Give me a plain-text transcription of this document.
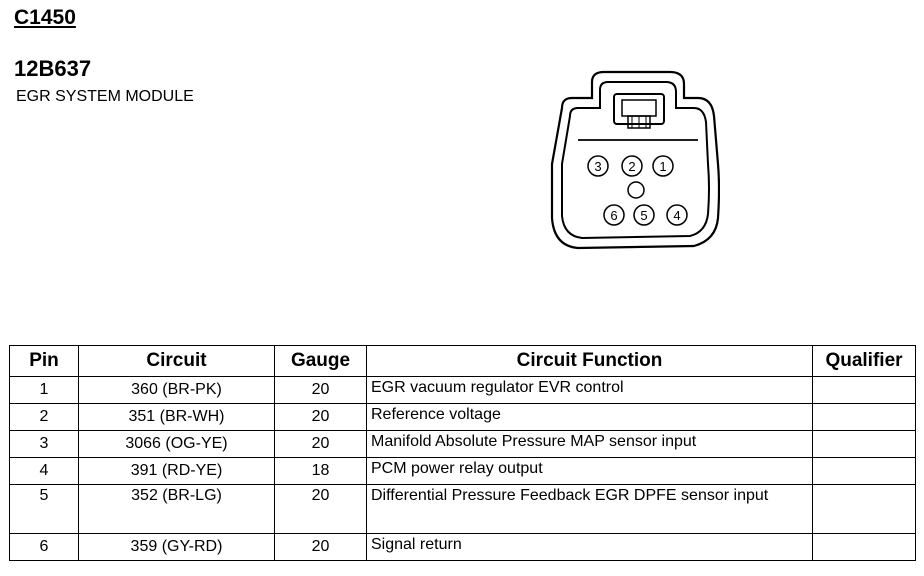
C1450
12B637
EGR SYSTEM MODULE
3 2 1
6 5 4
Pin	Circuit	Gauge	Circuit Function	Qualifier
1	360 (BR-PK)	20	EGR vacuum regulator EVR control	
2	351 (BR-WH)	20	Reference voltage	
3	3066 (OG-YE)	20	Manifold Absolute Pressure MAP sensor input	
4	391 (RD-YE)	18	PCM power relay output	
5	352 (BR-LG)	20	Differential Pressure Feedback EGR DPFE sensor input	
6	359 (GY-RD)	20	Signal return	
